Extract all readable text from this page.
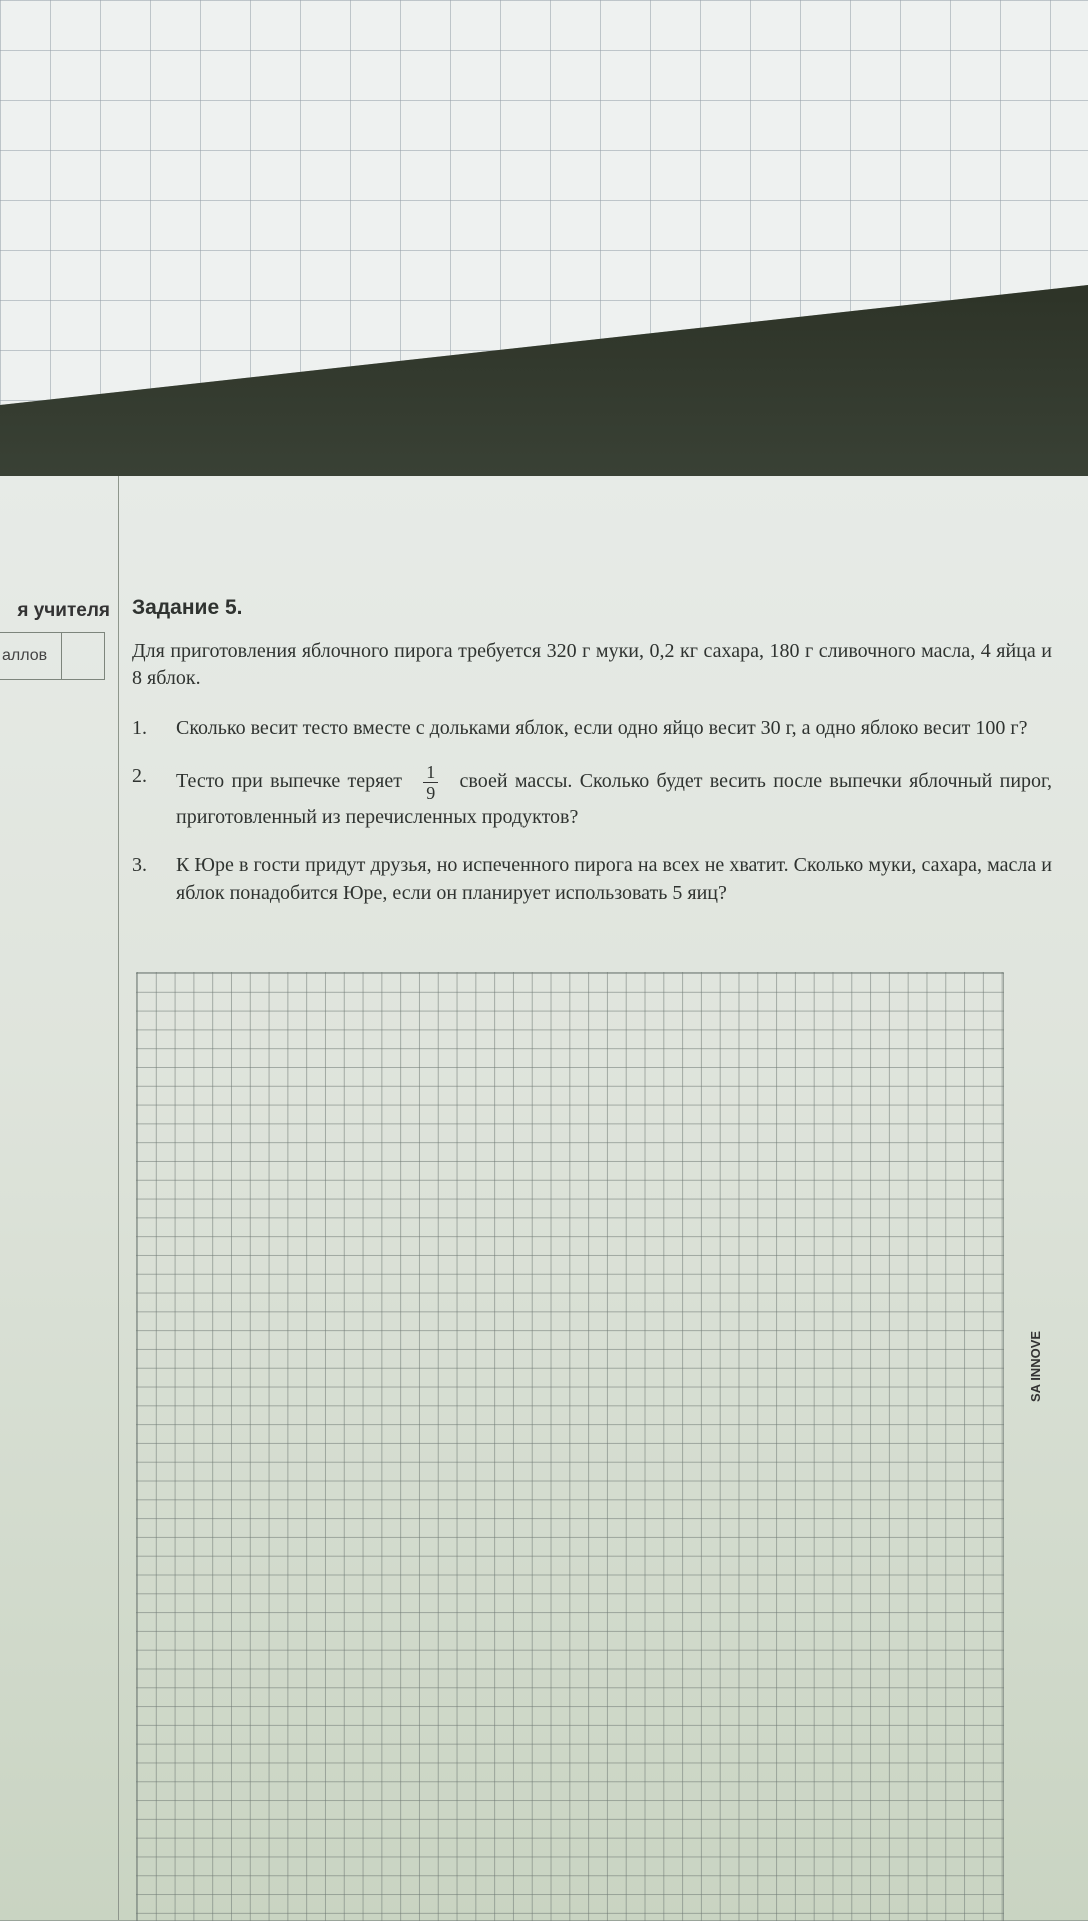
я учителя
аллов
Задание 5.
Для приготовления яблочного пирога требуется 320 г муки, 0,2 кг сахара, 180 г сливочного масла, 4 яйца и 8 яблок.
1.	Сколько весит тесто вместе с дольками яблок, если одно яйцо весит 30 г, а одно яблоко весит 100 г?
2.	Тесто при выпечке теряет $\frac{1}{9}$ своей массы. Сколько будет весить после выпечки яблочный пирог, приготовленный из перечисленных продуктов?
3.	К Юре в гости придут друзья, но испеченного пирога на всех не хватит. Сколько муки, сахара, масла и яблок понадобится Юре, если он планирует использовать 5 яиц?
SA INNOVE
